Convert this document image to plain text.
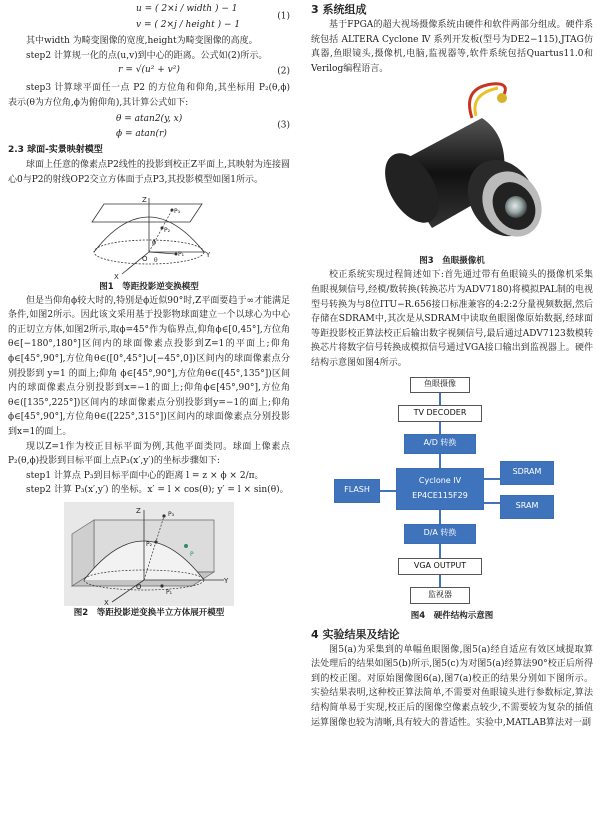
u = ( 2×i / width ) − 1
v = ( 2×j / height ) − 1
(1)

其中width 为畸变图像的宽度,height为畸变图像的高度。

step2 计算规一化的点(u,v)到中心的距离。公式如(2)所示。

r = √(u² + v²)	(2)

step3 计算球平面任一点 P2 的方位角和仰角,其坐标用 P₂(θ,ϕ) 表示(θ为方位角,ϕ为俯仰角),其计算公式如下:

θ = atan2(y, x)
ϕ = atan(r)
(3)

2.3 球面-实景映射模型

球面上任意的像素点P2线性的投影到校正Z平面上,其映射为连接圆心0与P2的射线OP2交立方体面于点P3,其投影模型如图1所示。

Z
Y
X
O
P₁
P₂
P₃
θ
ϕ

图1　等距投影逆变换模型

但是当仰角ϕ较大时的,特别是ϕ近似90°时,Z平面要趋于∞才能满足条件,如图2所示。因此该文采用基于投影物球面建立一个以球心为中心的正切立方体,如图2所示,取ϕ=45°作为临界点,仰角ϕ∈[0,45°],方位角θ∈[−180°,180°]区间内的球面像素点投影到Z=1的平面上;仰角ϕ∈[45°,90°],方位角θ∈([0°,45°]∪[−45°,0])区间内的球面像素点分别投影到 y=1 的面上;仰角 ϕ∈[45°,90°],方位角θ∈([45°,135°])区间内的球面像素点分别投影到x=−1的面上;仰角ϕ∈[45°,90°],方位角θ∈([135°,225°])区间内的球面像素点分别投影到y=−1的面上;仰角ϕ∈[45°,90°],方位角θ∈([225°,315°])区间内的球面像素点分别投影到x=1的面上。

现以Z=1作为校正目标平面为例,其他平面类同。球面上像素点P₂(θ,ϕ)投影到目标平面上点P₃(x′,y′)的坐标步骤如下:

step1 计算点 P₃到目标平面中心的距离 l = z × ϕ × 2/π。

step2 计算 P₃(x′,y′) 的坐标。x′ = l × cos(θ); y′ = l × sin(θ)。

Z
Y
X
O
P₁
P₂
P₃
P

图2　等距投影逆变换半立方体展开模型

3 系统组成

基于FPGA的超大视场摄像系统由硬件和软件两部分组成。硬件系统包括 ALTERA Cyclone Ⅳ 系列开发板(型号为DE2−115),JTAG仿真器,鱼眼镜头,摄像机,电脑,监视器等,软件系统包括Quartus11.0和Verilog编程语言。

图3　鱼眼摄像机

校正系统实现过程简述如下:首先通过带有鱼眼镜头的摄像机采集鱼眼视频信号,经模/数转换(转换芯片为ADV7180)将模拟PAL制的电视型号转换为与8位ITU−R.656接口标准兼容的4:2:2分量视频数据,然后存储在SDRAM中,其次是从SDRAM中读取鱼眼图像原始数据,经球面等距投影校正算法校正后输出数字视频信号,最后通过ADV7123数模转换芯片将数字信号转换成模拟信号通过VGA接口输出到监视器上。硬件结构示意图如图4所示。

鱼眼摄像
TV DECODER
A/D 转换
Cyclone IV
EP4CE115F29
SDRAM
SRAM
FLASH
D/A 转换
VGA OUTPUT
监视器

图4　硬件结构示意图

4 实验结果及结论

图5(a)为采集到的单幅鱼眼图像,图5(a)经自适应有效区域提取算法处理后的结果如图5(b)所示,图5(c)为对图5(a)经算法90°校正后所得到的校正图。对原始图像图6(a),图7(a)校正的结果分别如下图所示。实验结果表明,这种校正算法简单,不需要对鱼眼镜头进行参数标定,算法结构简单易于实现,校正后的图像空像素点较少,不需要较为复杂的插值运算图像也较为清晰,具有较大的普适性。实验中,MATLAB算法对一副
